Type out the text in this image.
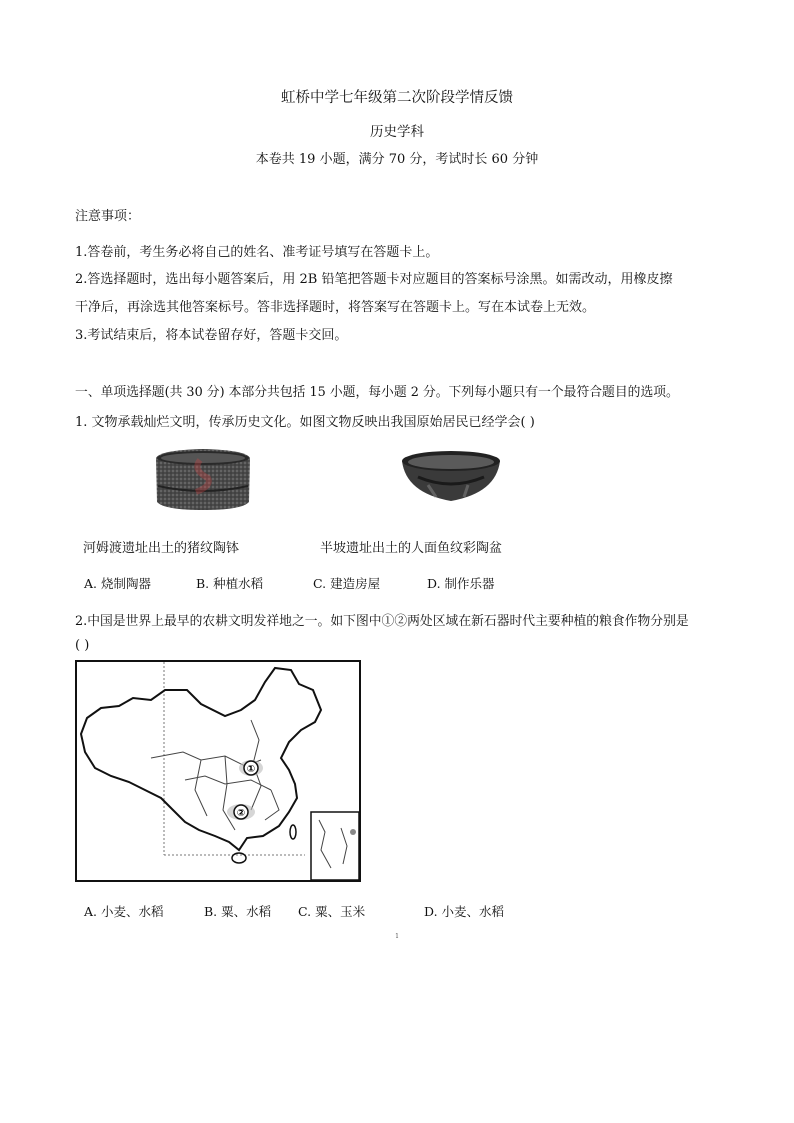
虹桥中学七年级第二次阶段学情反馈
历史学科
本卷共 19 小题，满分 70 分，考试时长 60 分钟
注意事项：
1.答卷前，考生务必将自己的姓名、准考证号填写在答题卡上。
2.答选择题时，选出每小题答案后，用 2B 铅笔把答题卡对应题目的答案标号涂黑。如需改动，用橡皮擦
干净后，再涂选其他答案标号。答非选择题时，将答案写在答题卡上。写在本试卷上无效。
3.考试结束后，将本试卷留存好，答题卡交回。
一、单项选择题(共 30 分) 本部分共包括 15 小题，每小题 2 分。下列每小题只有一个最符合题目的选项。
1. 文物承载灿烂文明，传承历史文化。如图文物反映出我国原始居民已经学会( )
河姆渡遗址出土的猪纹陶钵	半坡遗址出土的人面鱼纹彩陶盆
A. 烧制陶器	B. 种植水稻	C. 建造房屋	D. 制作乐器
2.中国是世界上最早的农耕文明发祥地之一。如下图中①②两处区域在新石器时代主要种植的粮食作物分别是
( )
①
②
A. 小麦、水稻	B. 粟、水稻 C. 粟、玉米	D. 小麦、水稻
1
